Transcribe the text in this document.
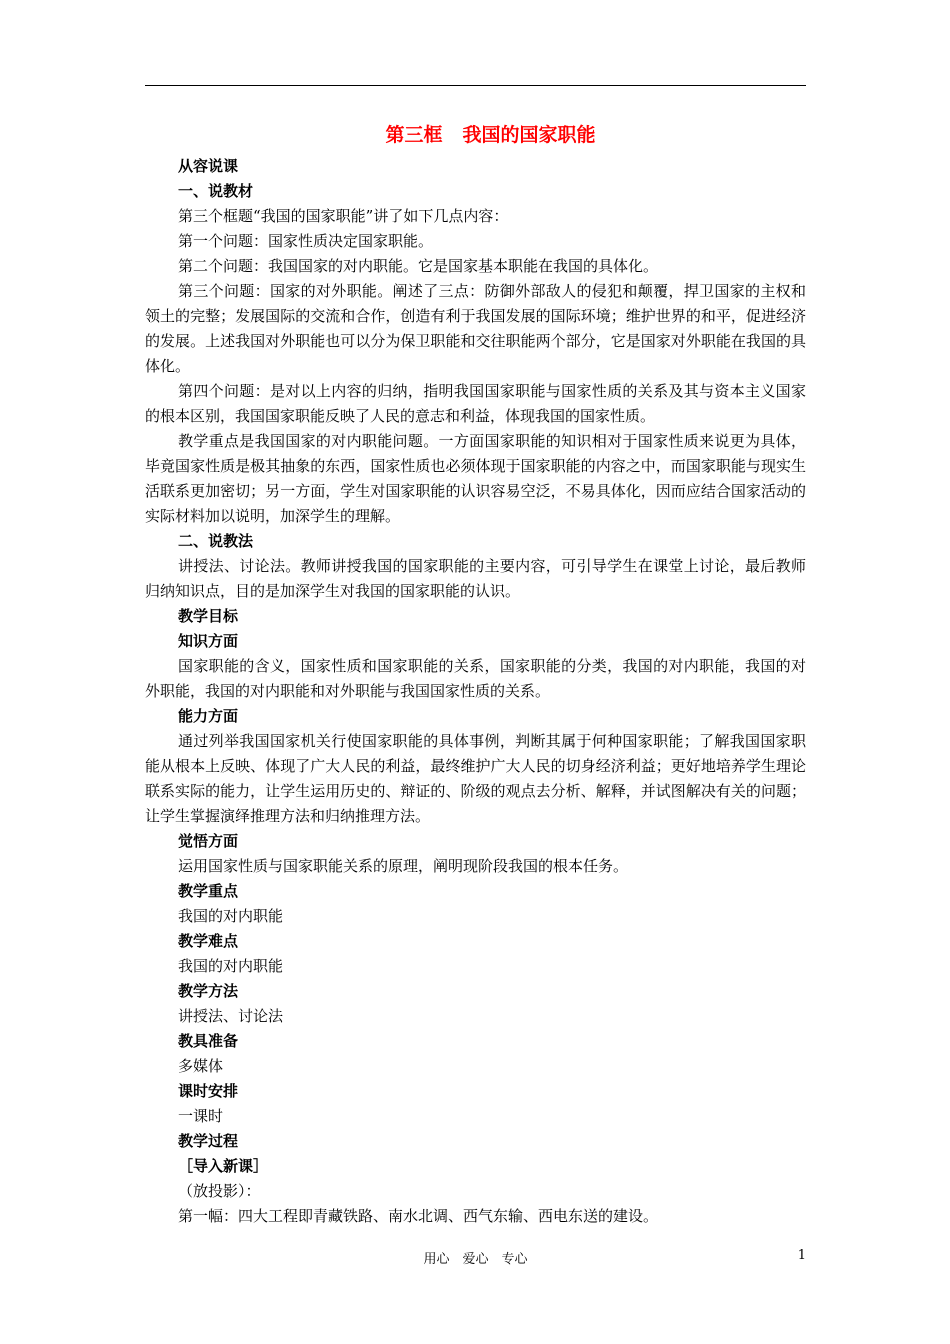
第三框 我国的国家职能

从容说课

一、说教材

第三个框题“我国的国家职能”讲了如下几点内容：

第一个问题：国家性质决定国家职能。

第二个问题：我国国家的对内职能。它是国家基本职能在我国的具体化。

第三个问题：国家的对外职能。阐述了三点：防御外部敌人的侵犯和颠覆，捍卫国家的主权和领土的完整；发展国际的交流和合作，创造有利于我国发展的国际环境；维护世界的和平，促进经济的发展。上述我国对外职能也可以分为保卫职能和交往职能两个部分，它是国家对外职能在我国的具体化。

第四个问题：是对以上内容的归纳，指明我国国家职能与国家性质的关系及其与资本主义国家的根本区别，我国国家职能反映了人民的意志和利益，体现我国的国家性质。

教学重点是我国国家的对内职能问题。一方面国家职能的知识相对于国家性质来说更为具体，毕竟国家性质是极其抽象的东西，国家性质也必须体现于国家职能的内容之中，而国家职能与现实生活联系更加密切；另一方面，学生对国家职能的认识容易空泛，不易具体化，因而应结合国家活动的实际材料加以说明，加深学生的理解。

二、说教法

讲授法、讨论法。教师讲授我国的国家职能的主要内容，可引导学生在课堂上讨论，最后教师归纳知识点，目的是加深学生对我国的国家职能的认识。

教学目标

知识方面

国家职能的含义，国家性质和国家职能的关系，国家职能的分类，我国的对内职能，我国的对外职能，我国的对内职能和对外职能与我国国家性质的关系。

能力方面

通过列举我国国家机关行使国家职能的具体事例，判断其属于何种国家职能；了解我国国家职能从根本上反映、体现了广大人民的利益，最终维护广大人民的切身经济利益；更好地培养学生理论联系实际的能力，让学生运用历史的、辩证的、阶级的观点去分析、解释，并试图解决有关的问题；让学生掌握演绎推理方法和归纳推理方法。

觉悟方面

运用国家性质与国家职能关系的原理，阐明现阶段我国的根本任务。

教学重点

我国的对内职能

教学难点

我国的对内职能

教学方法

讲授法、讨论法

教具准备

多媒体

课时安排

一课时

教学过程

［导入新课］

（放投影）：

第一幅：四大工程即青藏铁路、南水北调、西气东输、西电东送的建设。

用心　爱心　专心	1
